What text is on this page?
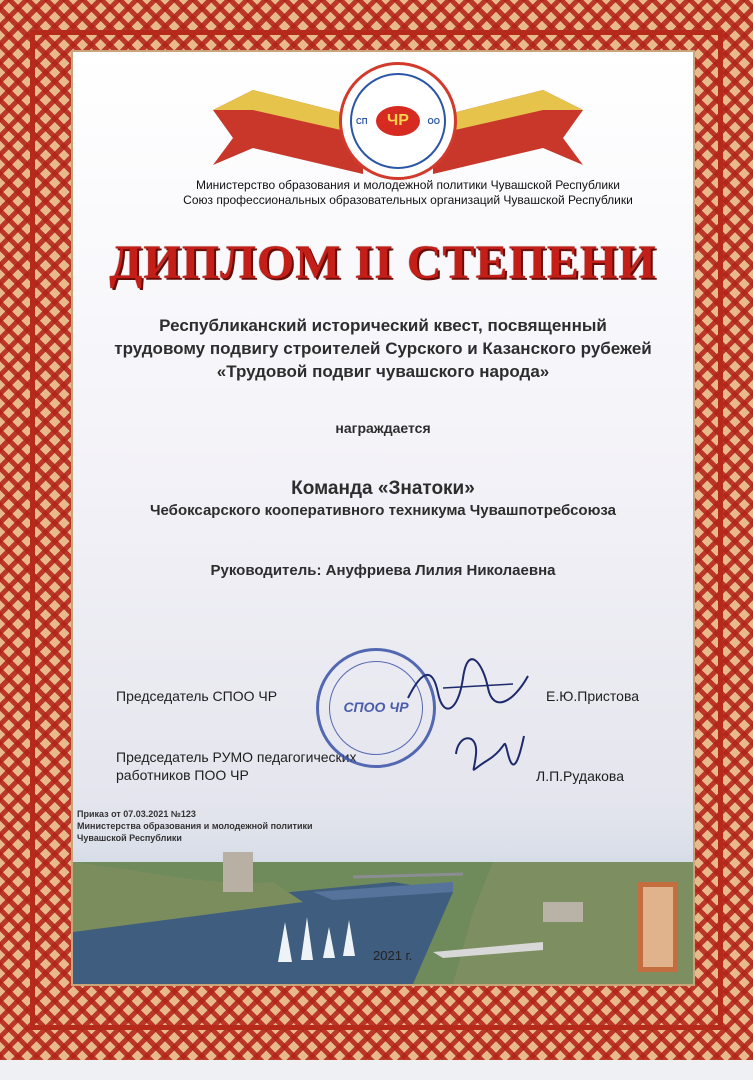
СП	ЧР	ОО
Министерство образования и молодежной политики Чувашской Республики
Союз профессиональных образовательных организаций Чувашской Республики
ДИПЛОМ II СТЕПЕНИ
Республиканский исторический квест, посвященный
трудовому подвигу строителей Сурского и Казанского рубежей
«Трудовой подвиг чувашского народа»
награждается
Команда «Знатоки»
Чебоксарского кооперативного техникума Чувашпотребсоюза
Руководитель: Ануфриева Лилия Николаевна
Председатель СПОО ЧР	Е.Ю.Пристова
Председатель РУМО педагогических
работников ПОО ЧР	Л.П.Рудакова
СПОО ЧР
Приказ от 07.03.2021 №123
Министерства образования и молодежной политики
Чувашской Республики
2021 г.
